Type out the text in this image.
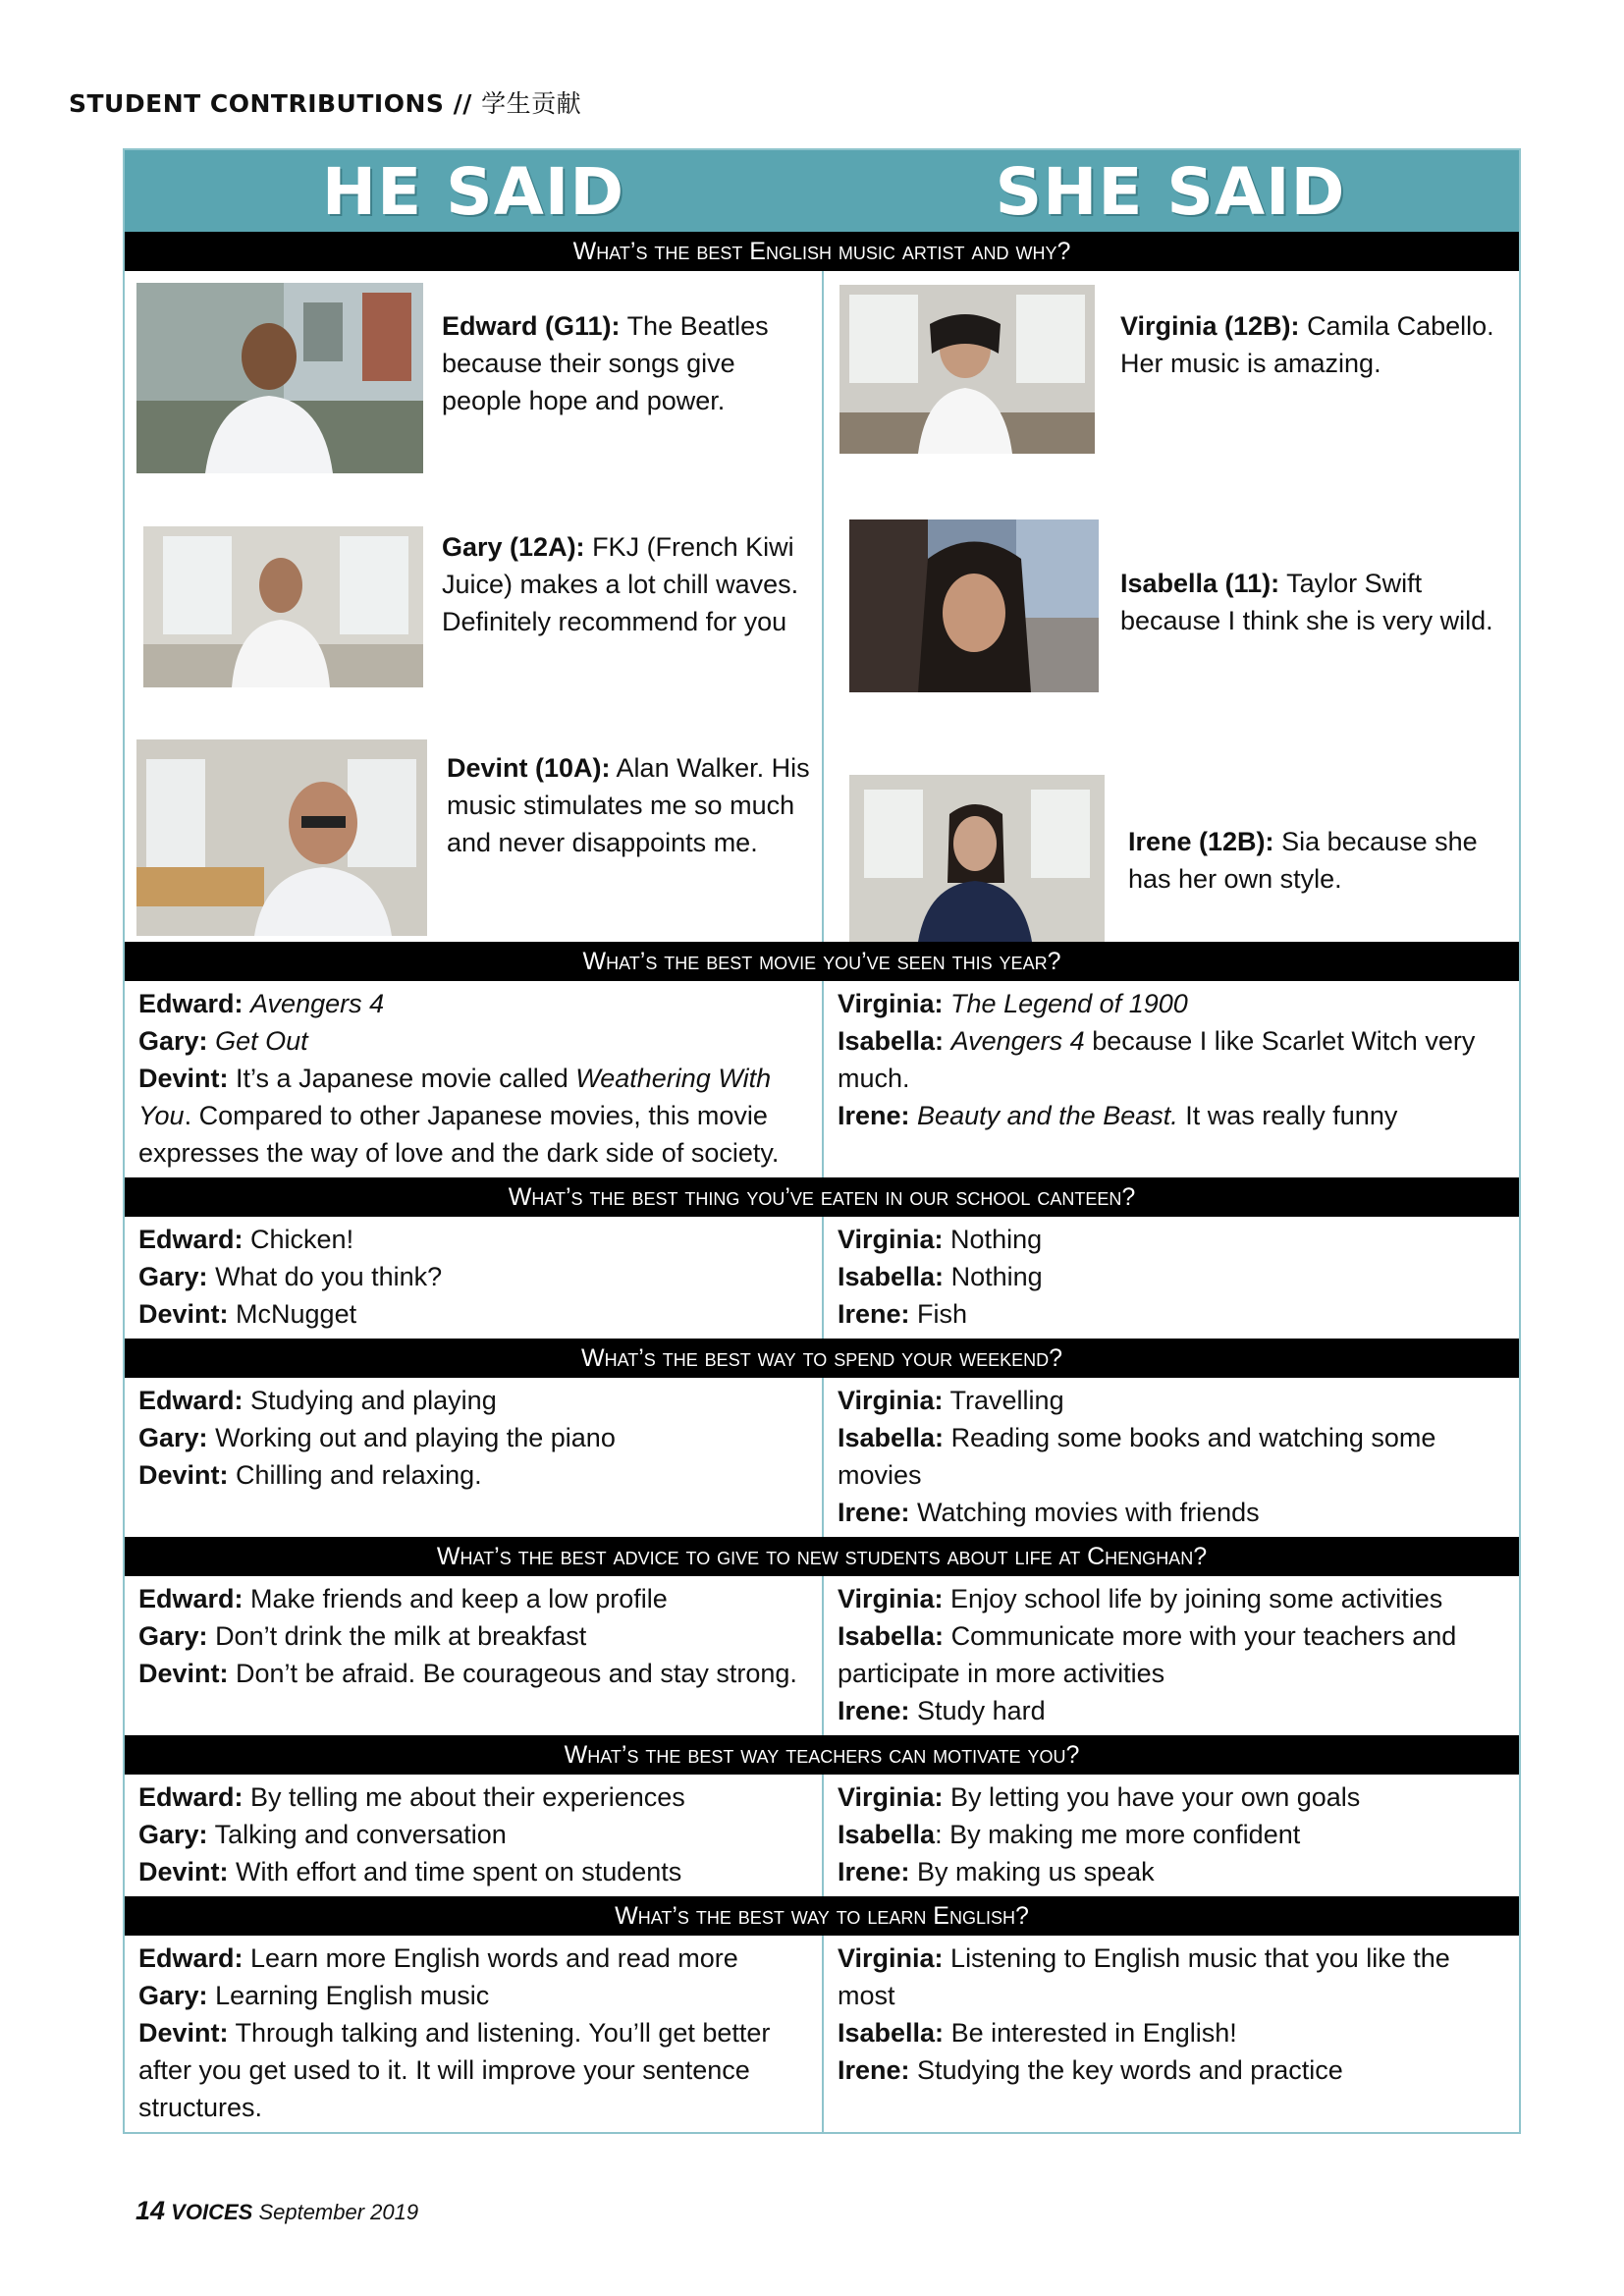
STUDENT CONTRIBUTIONS // 学生贡献
HE SAID	SHE SAID
What’s the best English music artist and why?
Edward (G11): The Beatles because their songs give people hope and power.
Gary (12A): FKJ (French Kiwi Juice) makes a lot chill waves. Definitely recommend for you
Devint (10A): Alan Walker. His music stimulates me so much and never disappoints me.
Virginia (12B): Camila Cabello. Her music is amazing.
Isabella (11): Taylor Swift because I think she is very wild.
Irene (12B): Sia because she has her own style.
What’s the best movie you’ve seen this year?
Edward: Avengers 4
Gary: Get Out
Devint: It’s a Japanese movie called Weathering With You. Compared to other Japanese movies, this movie expresses the way of love and the dark side of society.
Virginia: The Legend of 1900
Isabella: Avengers 4 because I like Scarlet Witch very much.
Irene: Beauty and the Beast. It was really funny
What’s the best thing you’ve eaten in our school canteen?
Edward: Chicken!
Gary: What do you think?
Devint: McNugget
Virginia: Nothing
Isabella: Nothing
Irene: Fish
What’s the best way to spend your weekend?
Edward: Studying and playing
Gary: Working out and playing the piano
Devint: Chilling and relaxing.
Virginia: Travelling
Isabella: Reading some books and watching some movies
Irene: Watching movies with friends
What’s the best advice to give to new students about life at Chenghan?
Edward: Make friends and keep a low profile
Gary: Don’t drink the milk at breakfast
Devint: Don’t be afraid. Be courageous and stay strong.
Virginia: Enjoy school life by joining some activities
Isabella: Communicate more with your teachers and participate in more activities
Irene: Study hard
What’s the best way teachers can motivate you?
Edward: By telling me about their experiences
Gary: Talking and conversation
Devint: With effort and time spent on students
Virginia: By letting you have your own goals
Isabella: By making me more confident
Irene: By making us speak
What’s the best way to learn English?
Edward: Learn more English words and read more
Gary: Learning English music
Devint: Through talking and listening. You’ll get better after you get used to it. It will improve your sentence structures.
Virginia: Listening to English music that you like the most
Isabella: Be interested in English!
Irene: Studying the key words and practice
14 VOICES September 2019
